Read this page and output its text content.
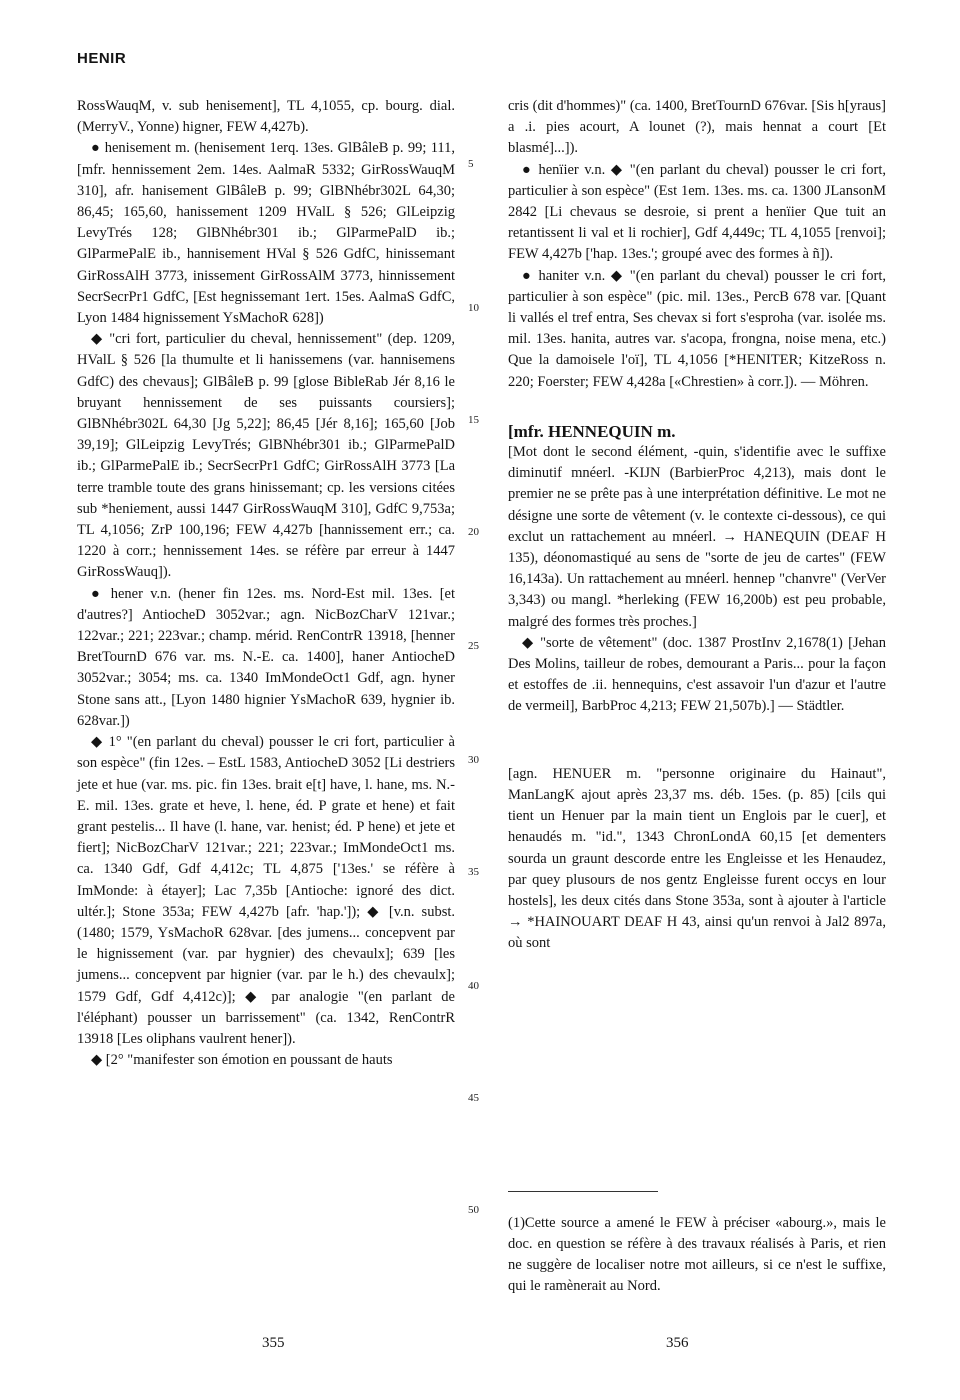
HENIR

RossWauqM, v. sub henisement], TL 4,1055, cp. bourg. dial. (MerryV., Yonne) higner, FEW 4,427b).

● henisement m. (henisement 1erq. 13es. GlBâleB p. 99; 111, [mfr. hennissement 2em. 14es. AalmaR 5332; GirRossWauqM 310], afr. hanisement GlBâleB p. 99; GlBNhébr302L 64,30; 86,45; 165,60, hanissement 1209 HValL § 526; GlLeipzig LevyTrés 128; GlBNhébr301 ib.; GlParmePalD ib.; GlParmePalE ib., hannisement HVal § 526 GdfC, hinissemant GirRossAlH 3773, inissement GirRossAlM 3773, hinnissement SecrSecrPr1 GdfC, [Est hegnissemant 1ert. 15es. AalmaS GdfC, Lyon 1484 hignissement YsMachoR 628])

◆ "cri fort, particulier du cheval, hennissement" (dep. 1209, HValL § 526 [la thumulte et li hanissemens (var. hannisemens GdfC) des chevaus]; GlBâleB p. 99 [glose BibleRab Jér 8,16 le bruyant hennissement de ses puissants coursiers]; GlBNhébr302L 64,30 [Jg 5,22]; 86,45 [Jér 8,16]; 165,60 [Job 39,19]; GlLeipzig LevyTrés; GlBNhébr301 ib.; GlParmePalD ib.; GlParmePalE ib.; SecrSecrPr1 GdfC; GirRossAlH 3773 [La terre tramble toute des grans hinissemant; cp. les versions citées sub *heniement, aussi 1447 GirRossWauqM 310], GdfC 9,753a; TL 4,1056; ZrP 100,196; FEW 4,427b [hannissement err.; ca. 1220 à corr.; hennissement 14es. se réfère par erreur à 1447 GirRossWauq]).

● hener v.n. (hener fin 12es. ms. Nord-Est mil. 13es. [et d'autres?] AntiocheD 3052var.; agn. NicBozCharV 121var.; 122var.; 221; 223var.; champ. mérid. RenContrR 13918, [henner BretTournD 676 var. ms. N.-E. ca. 1400], haner AntiocheD 3052var.; 3054; ms. ca. 1340 ImMondeOct1 Gdf, agn. hyner Stone sans att., [Lyon 1480 hignier YsMachoR 639, hygnier ib. 628var.])

◆ 1° "(en parlant du cheval) pousser le cri fort, particulier à son espèce" (fin 12es. – EstL 1583, AntiocheD 3052 [Li destriers jete et hue (var. ms. pic. fin 13es. brait e[t] have, l. hane, ms. N.-E. mil. 13es. grate et heve, l. hene, éd. P grate et hene) et fait grant pestelis... Il have (l. hane, var. henist; éd. P hene) et jete et fiert]; NicBozCharV 121var.; 221; 223var.; ImMondeOct1 ms. ca. 1340 Gdf, Gdf 4,412c; TL 4,875 ['13es.' se réfère à ImMonde: à étayer]; Lac 7,35b [Antioche: ignoré des dict. ultér.]; Stone 353a; FEW 4,427b [afr. 'hap.']); ◆ [v.n. subst. (1480; 1579, YsMachoR 628var. [des jumens... concepvent par le hignissement (var. par hygnier) des chevaulx]; 639 [les jumens... concepvent par hignier (var. par le h.) des chevaulx]; 1579 Gdf, Gdf 4,412c)]; ◆ par analogie "(en parlant de l'éléphant) pousser un barrissement" (ca. 1342, RenContrR 13918 [Les oliphans vaulrent hener]).

◆ [2° "manifester son émotion en poussant de hauts

5
10
15
20
25
30
35
40
45
50

cris (dit d'hommes)" (ca. 1400, BretTournD 676var. [Sis h[yraus] a .i. pies acourt, A lounet (?), mais hennat a court [Et blasmé]...]).

● henïier v.n. ◆ "(en parlant du cheval) pousser le cri fort, particulier à son espèce" (Est 1em. 13es. ms. ca. 1300 JLansonM 2842 [Li chevaus se desroie, si prent a henïier Que tuit an retantissent li val et li rochier], Gdf 4,449c; TL 4,1055 [renvoi]; FEW 4,427b ['hap. 13es.'; groupé avec des formes à ñ]).

● haniter v.n. ◆ "(en parlant du cheval) pousser le cri fort, particulier à son espèce" (pic. mil. 13es., PercB 678 var. [Quant li vallés el tref entra, Ses chevax si fort s'esproha (var. isolée ms. mil. 13es. hanita, autres var. s'acopa, frongna, noise mena, etc.) Que la damoisele l'oï], TL 4,1056 [*HENITER; KitzeRoss n. 220; Foerster; FEW 4,428a [«Chrestien» à corr.]). — Möhren.

[mfr. HENNEQUIN m.

[Mot dont le second élément, -quin, s'identifie avec le suffixe diminutif mnéerl. -KIJN (BarbierProc 4,213), mais dont le premier ne se prête pas à une interprétation définitive. Le mot ne désigne une sorte de vêtement (v. le contexte ci-dessous), ce qui exclut un rattachement au mnéerl. → HANEQUIN (DEAF H 135), déonomastiqué au sens de "sorte de jeu de cartes" (FEW 16,143a). Un rattachement au mnéerl. hennep "chanvre" (VerVer 3,343) ou mangl. *herleking (FEW 16,200b) est peu probable, malgré des formes très proches.]

◆ "sorte de vêtement" (doc. 1387 ProstInv 2,1678(1) [Jehan Des Molins, tailleur de robes, demourant a Paris... pour la façon et estoffes de .ii. hennequins, c'est assavoir l'un d'azur et l'autre de vermeil], BarbProc 4,213; FEW 21,507b).] — Städtler.

[agn. HENUER m. "personne originaire du Hainaut", ManLangK ajout après 23,37 ms. déb. 15es. (p. 85) [cils qui tient un Henuer par la main tient un Englois par le cuer], et henaudés m. "id.", 1343 ChronLondA 60,15 [et dementers sourda un graunt descorde entre les Engleisse et les Henaudez, par quey plusours de nos gentz Engleisse furent occys en lour hostels], les deux cités dans Stone 353a, sont à ajouter à l'article → *HAINOUART DEAF H 43, ainsi qu'un renvoi à Jal2 897a, où sont

(1)Cette source a amené le FEW à préciser «abourg.», mais le doc. en question se réfère à des travaux réalisés à Paris, et rien ne suggère de localiser notre mot ailleurs, si ce n'est le suffixe, qui le ramènerait au Nord.

355	356
